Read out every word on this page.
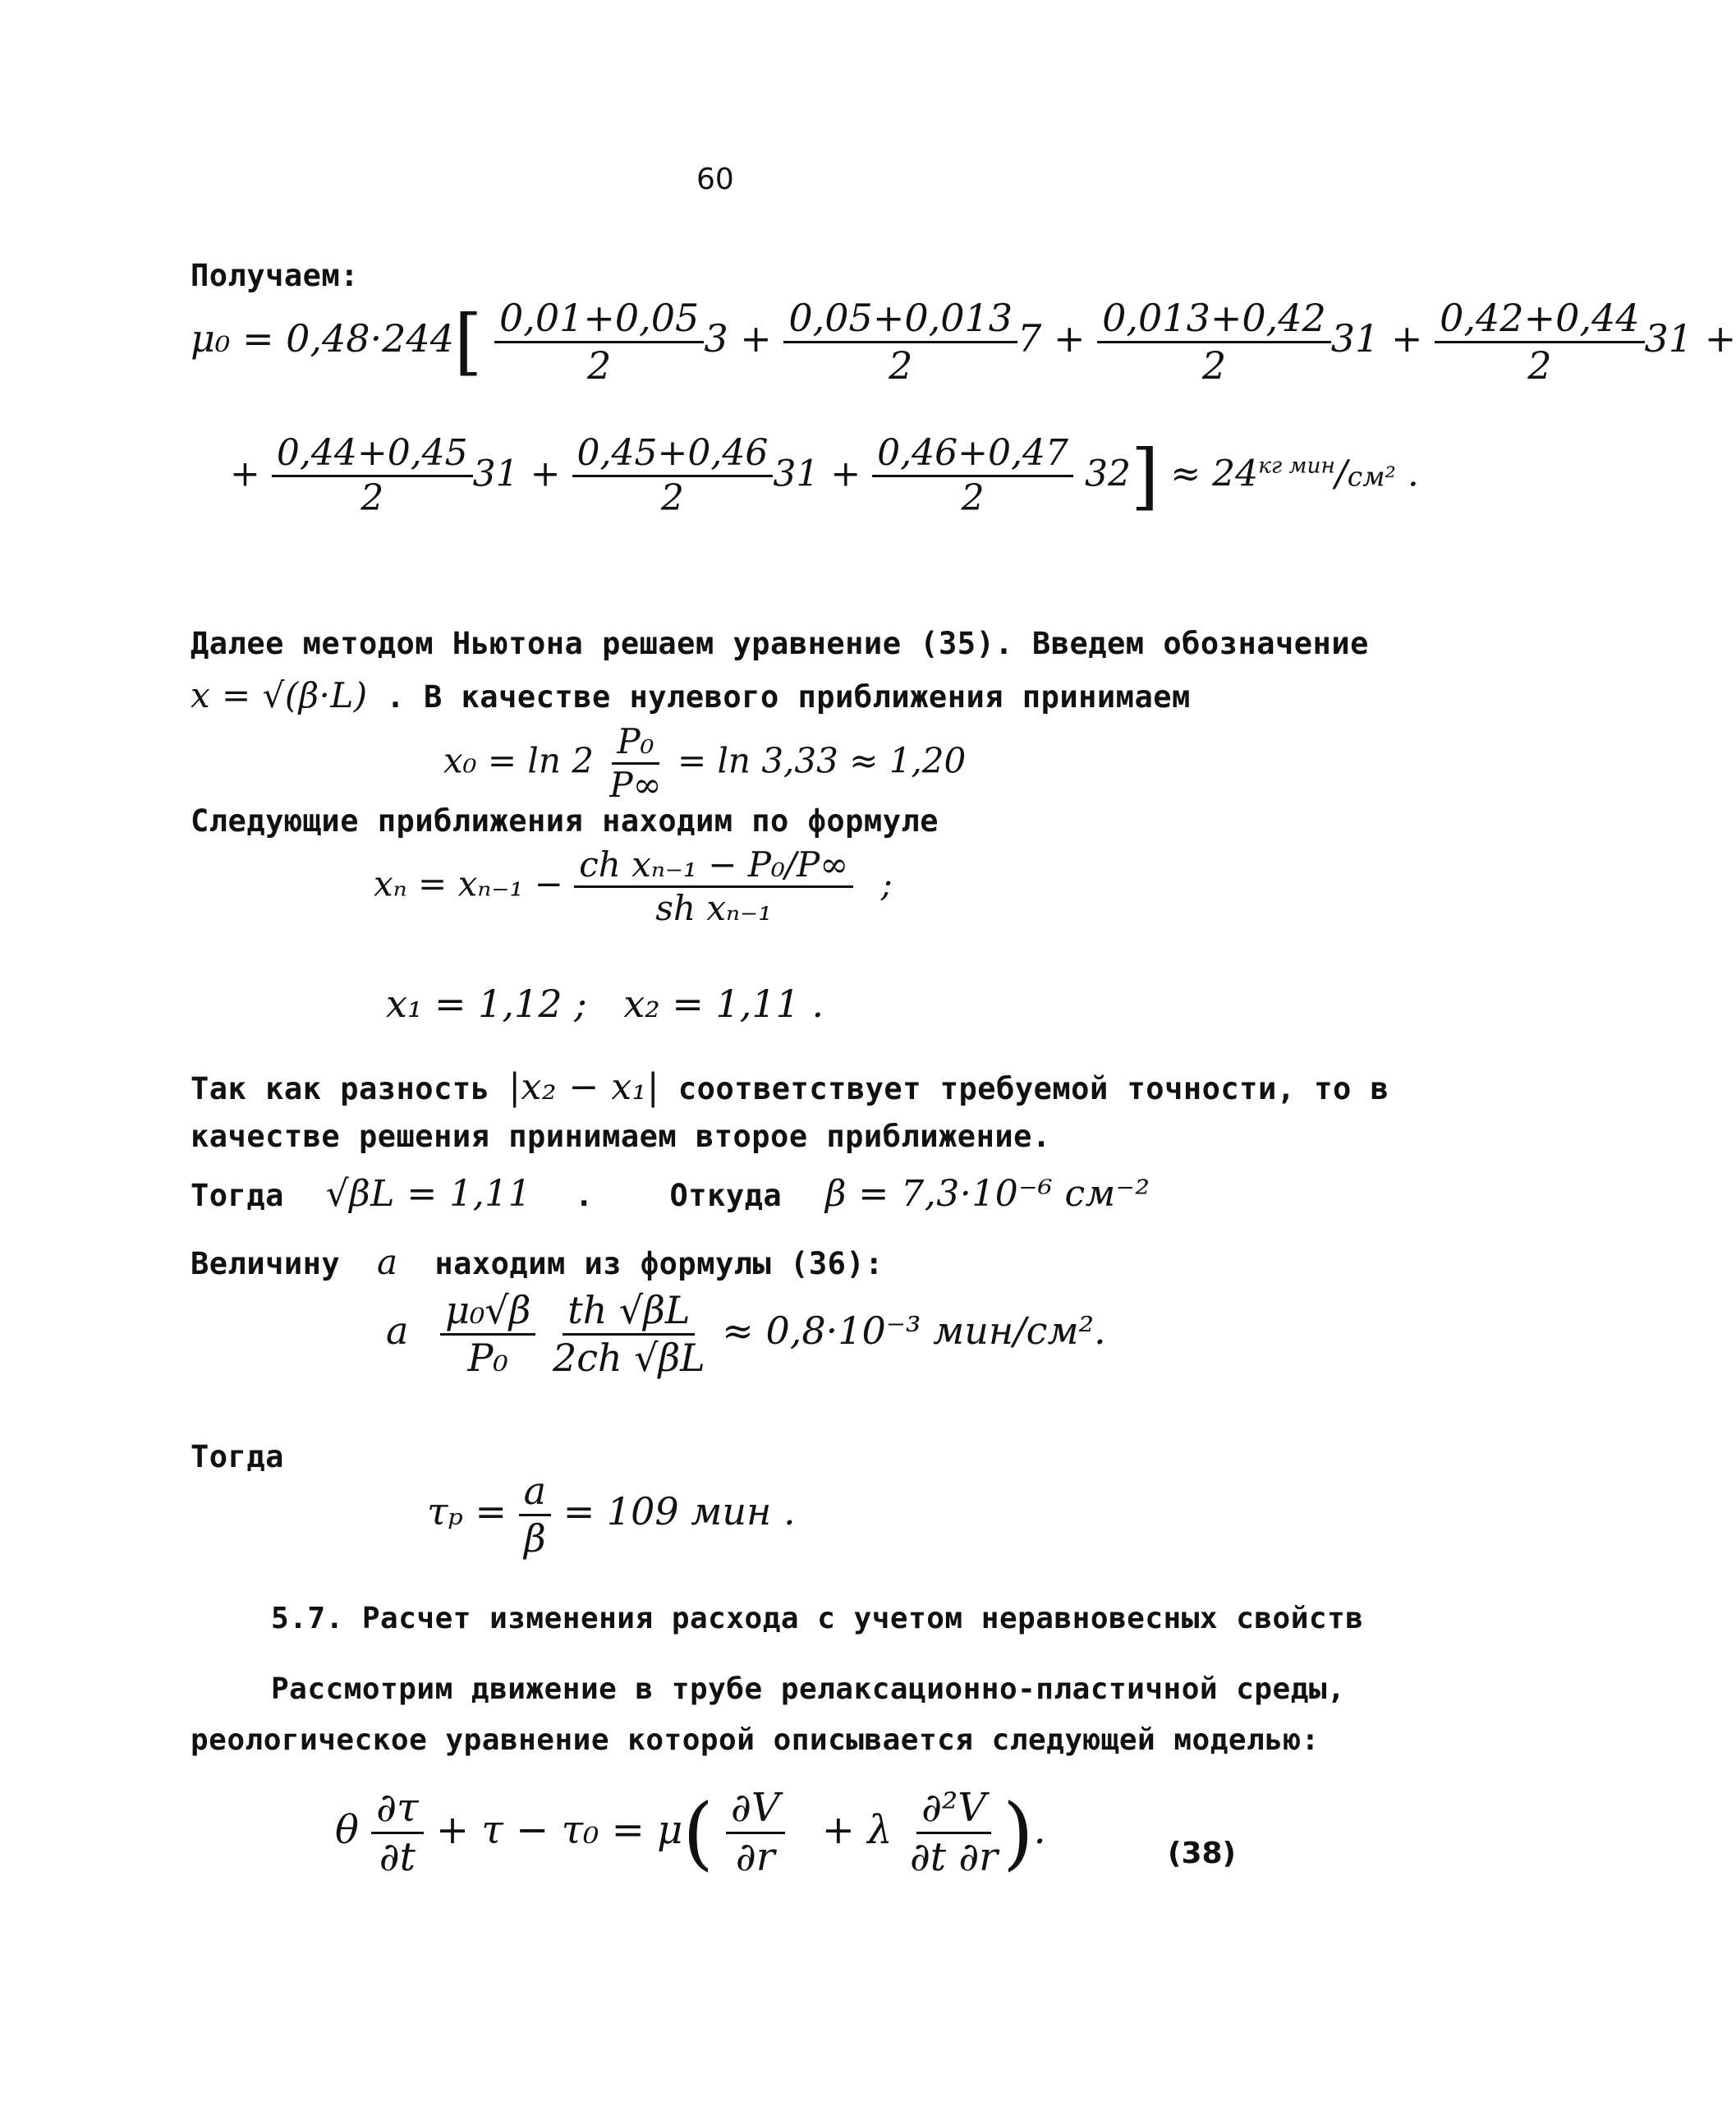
60
Получаем:
$\mu_0 = 0,48\cdot 244[ \frac{0,01+0,05}{2} 3 + \frac{0,05+0,013}{2} 7 + \frac{0,013+0,42}{2} 31 + \frac{0,42+0,44}{2} 31$ +
+ $\frac{0,44+0,45}{2} 31 + \frac{0,45+0,46}{2} 31 + \frac{0,46+0,47}{2} 32] \approx 24^{кг мин}/см^2$ .
Далее методом Ньютона решаем уравнение (35). Введем обозначение
x = √(β·L) . В качестве нулевого приближения принимаем
$x_0 = \ln 2 \frac{\text{P₀}}{P\infty} = \ln 3,33 \approx 1,20$
Следующие приближения находим по формуле
$x_n = x_{n-1} - \frac{\text{ch xₙ₋₁ − P₀/P∞}}{\text{sh xₙ₋₁}}$ ;
x₁ = 1,12 ; x₂ = 1,11 .
Так как разность |x₂ − x₁| соответствует требуемой точности, то в
качестве решения принимаем второе приближение.
Тогда √βL = 1,11 .	Откуда β = 7,3·10⁻⁶ см⁻²
Величину a находим из формулы (36):
a $\frac{\text{μ₀√β}}{\text{P₀}}$
$\frac{th √\beta L}{2ch √\beta L} \approx 0,8\cdot 10^{-3}$ мин/см².
Тогда
$\tau_p = \frac{a}{\beta} = 109$ мин .
5.7. Расчет изменения расхода с учетом неравновесных свойств
Рассмотрим движение в трубе релаксационно-пластичной среды,
реологическое уравнение которой описывается следующей моделью:
θ $\frac{\partial\tau}{\partial t} + \tau - \tau_0 = \mu( \frac{\partial V}{\partial r} + \lambda \frac{\text{∂²V}}{\partial t \partial r}$ ).
(38)
